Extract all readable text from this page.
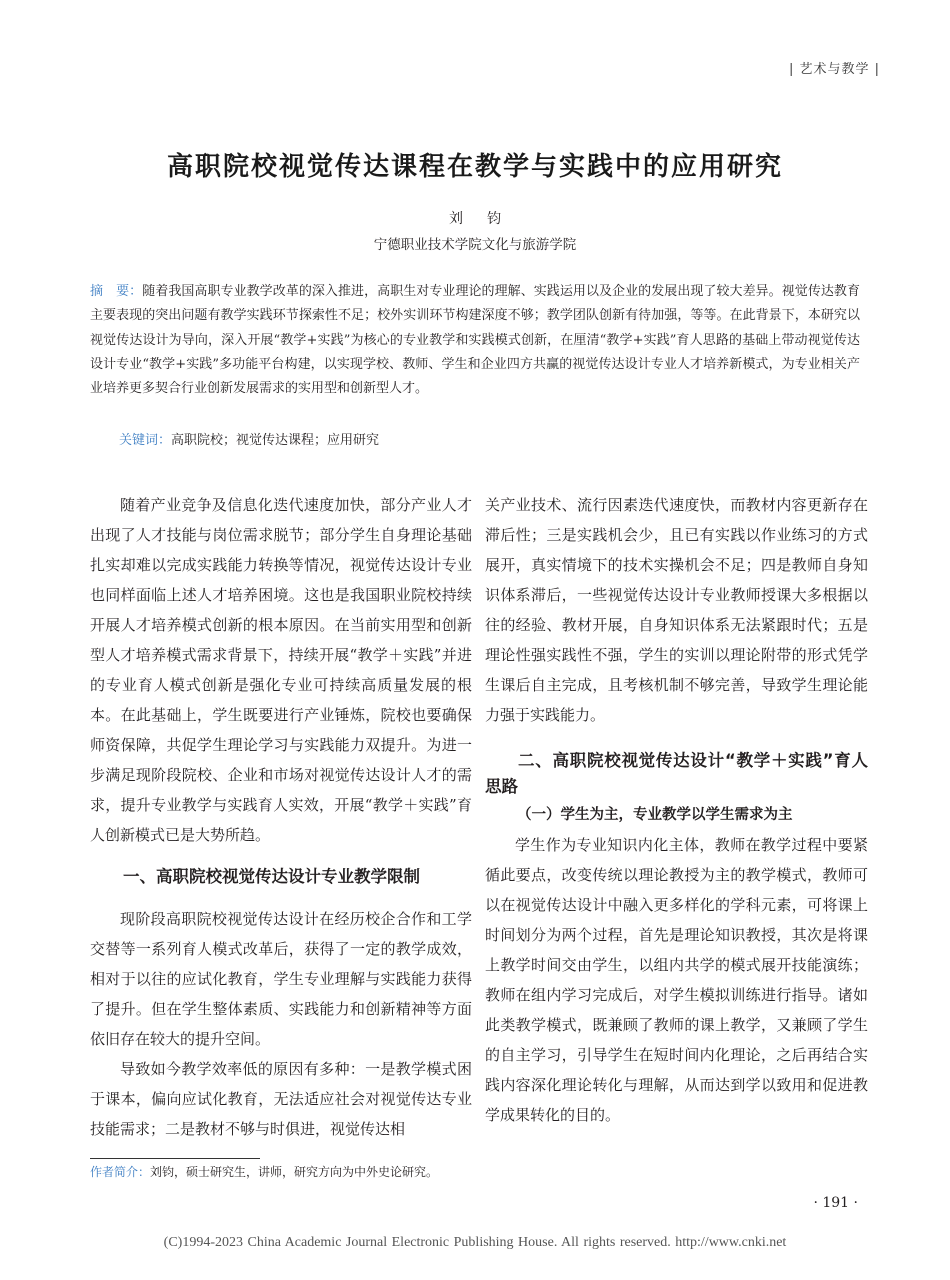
| 艺术与教学 |
高职院校视觉传达课程在教学与实践中的应用研究
刘钧
宁德职业技术学院文化与旅游学院
摘　要：随着我国高职专业教学改革的深入推进，高职生对专业理论的理解、实践运用以及企业的发展出现了较大差异。视觉传达教育主要表现的突出问题有教学实践环节探索性不足；校外实训环节构建深度不够；教学团队创新有待加强，等等。在此背景下，本研究以视觉传达设计为导向，深入开展“教学+实践”为核心的专业教学和实践模式创新，在厘清“教学+实践”育人思路的基础上带动视觉传达设计专业“教学+实践”多功能平台构建，以实现学校、教师、学生和企业四方共赢的视觉传达设计专业人才培养新模式，为专业相关产业培养更多契合行业创新发展需求的实用型和创新型人才。
关键词：高职院校；视觉传达课程；应用研究

随着产业竞争及信息化迭代速度加快，部分产业人才出现了人才技能与岗位需求脱节；部分学生自身理论基础扎实却难以完成实践能力转换等情况，视觉传达设计专业也同样面临上述人才培养困境。这也是我国职业院校持续开展人才培养模式创新的根本原因。在当前实用型和创新型人才培养模式需求背景下，持续开展“教学＋实践”并进的专业育人模式创新是强化专业可持续高质量发展的根本。在此基础上，学生既要进行产业锤炼，院校也要确保师资保障，共促学生理论学习与实践能力双提升。为进一步满足现阶段院校、企业和市场对视觉传达设计人才的需求，提升专业教学与实践育人实效，开展“教学＋实践”育人创新模式已是大势所趋。

一、高职院校视觉传达设计专业教学限制

现阶段高职院校视觉传达设计在经历校企合作和工学交替等一系列育人模式改革后，获得了一定的教学成效，相对于以往的应试化教育，学生专业理解与实践能力获得了提升。但在学生整体素质、实践能力和创新精神等方面依旧存在较大的提升空间。

导致如今教学效率低的原因有多种：一是教学模式困于课本，偏向应试化教育，无法适应社会对视觉传达专业技能需求；二是教材不够与时俱进，视觉传达相

关产业技术、流行因素迭代速度快，而教材内容更新存在滞后性；三是实践机会少，且已有实践以作业练习的方式展开，真实情境下的技术实操机会不足；四是教师自身知识体系滞后，一些视觉传达设计专业教师授课大多根据以往的经验、教材开展，自身知识体系无法紧跟时代；五是理论性强实践性不强，学生的实训以理论附带的形式凭学生课后自主完成，且考核机制不够完善，导致学生理论能力强于实践能力。

二、高职院校视觉传达设计“教学＋实践”育人思路

（一）学生为主，专业教学以学生需求为主

学生作为专业知识内化主体，教师在教学过程中要紧循此要点，改变传统以理论教授为主的教学模式，教师可以在视觉传达设计中融入更多样化的学科元素，可将课上时间划分为两个过程，首先是理论知识教授，其次是将课上教学时间交由学生，以组内共学的模式展开技能演练；教师在组内学习完成后，对学生模拟训练进行指导。诸如此类教学模式，既兼顾了教师的课上教学，又兼顾了学生的自主学习，引导学生在短时间内化理论，之后再结合实践内容深化理论转化与理解，从而达到学以致用和促进教学成果转化的目的。

作者简介：刘钧，硕士研究生，讲师，研究方向为中外史论研究。
· 191 ·
(C)1994-2023 China Academic Journal Electronic Publishing House. All rights reserved. http://www.cnki.net
